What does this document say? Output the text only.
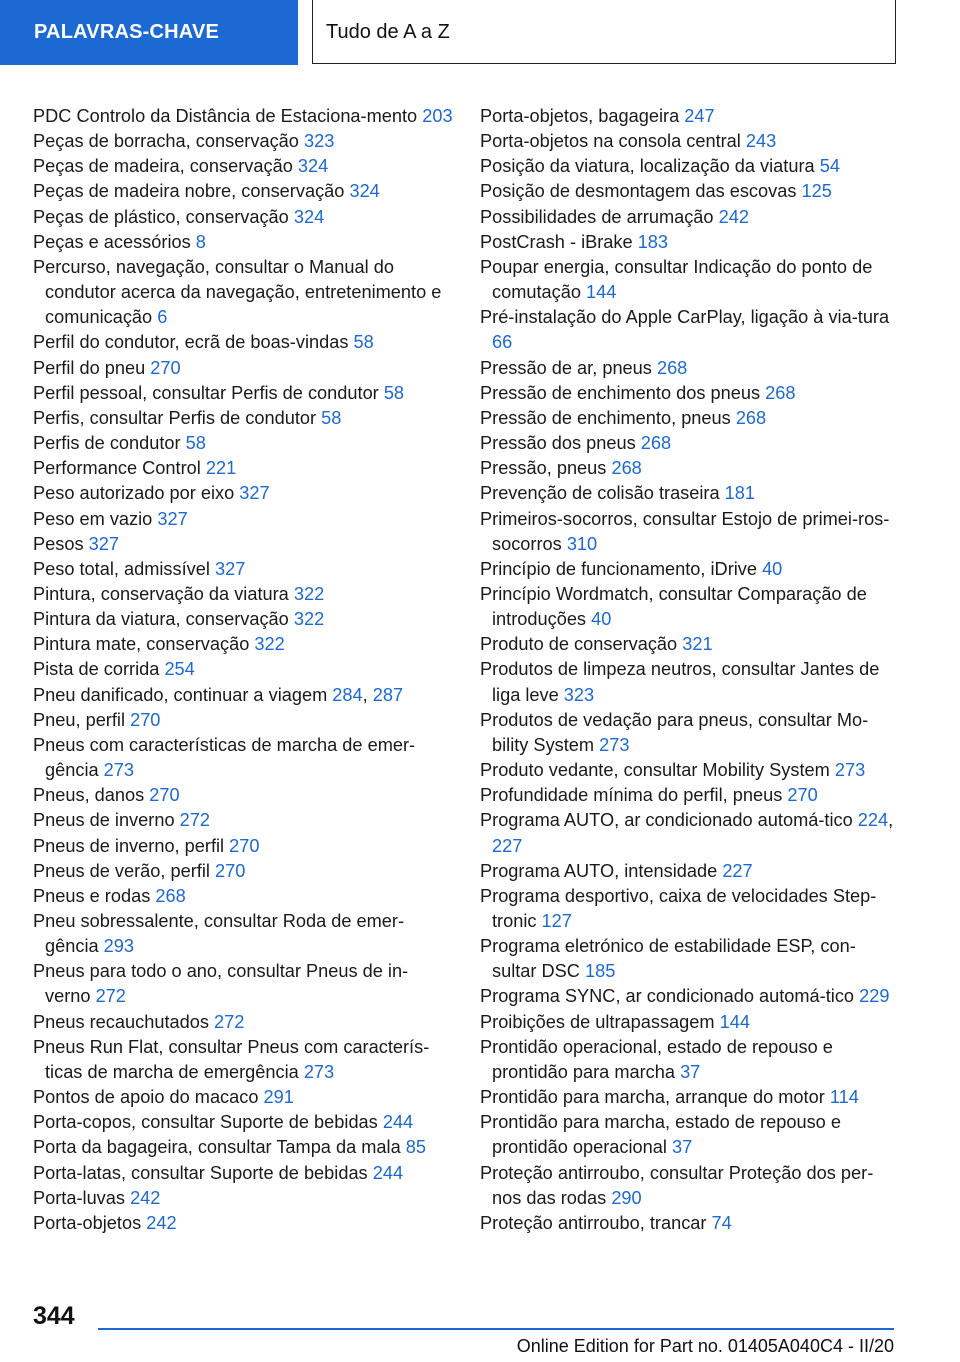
PALAVRAS-CHAVE	Tudo de A a Z
PDC Controlo da Distância de Estaciona-mento 203
Peças de borracha, conservação 323
Peças de madeira, conservação 324
Peças de madeira nobre, conservação 324
Peças de plástico, conservação 324
Peças e acessórios 8
Percurso, navegação, consultar o Manual do condutor acerca da navegação, entretenimento e comunicação 6
Perfil do condutor, ecrã de boas-vindas 58
Perfil do pneu 270
Perfil pessoal, consultar Perfis de condutor 58
Perfis, consultar Perfis de condutor 58
Perfis de condutor 58
Performance Control 221
Peso autorizado por eixo 327
Peso em vazio 327
Pesos 327
Peso total, admissível 327
Pintura, conservação da viatura 322
Pintura da viatura, conservação 322
Pintura mate, conservação 322
Pista de corrida 254
Pneu danificado, continuar a viagem 284, 287
Pneu, perfil 270
Pneus com características de marcha de emer-gência 273
Pneus, danos 270
Pneus de inverno 272
Pneus de inverno, perfil 270
Pneus de verão, perfil 270
Pneus e rodas 268
Pneu sobressalente, consultar Roda de emer-gência 293
Pneus para todo o ano, consultar Pneus de in-verno 272
Pneus recauchutados 272
Pneus Run Flat, consultar Pneus com caracterís-ticas de marcha de emergência 273
Pontos de apoio do macaco 291
Porta-copos, consultar Suporte de bebidas 244
Porta da bagageira, consultar Tampa da mala 85
Porta-latas, consultar Suporte de bebidas 244
Porta-luvas 242
Porta-objetos 242
Porta-objetos, bagageira 247
Porta-objetos na consola central 243
Posição da viatura, localização da viatura 54
Posição de desmontagem das escovas 125
Possibilidades de arrumação 242
PostCrash - iBrake 183
Poupar energia, consultar Indicação do ponto de comutação 144
Pré-instalação do Apple CarPlay, ligação à via-tura 66
Pressão de ar, pneus 268
Pressão de enchimento dos pneus 268
Pressão de enchimento, pneus 268
Pressão dos pneus 268
Pressão, pneus 268
Prevenção de colisão traseira 181
Primeiros-socorros, consultar Estojo de primei-ros-socorros 310
Princípio de funcionamento, iDrive 40
Princípio Wordmatch, consultar Comparação de introduções 40
Produto de conservação 321
Produtos de limpeza neutros, consultar Jantes de liga leve 323
Produtos de vedação para pneus, consultar Mo-bility System 273
Produto vedante, consultar Mobility System 273
Profundidade mínima do perfil, pneus 270
Programa AUTO, ar condicionado automá-tico 224, 227
Programa AUTO, intensidade 227
Programa desportivo, caixa de velocidades Step-tronic 127
Programa eletrónico de estabilidade ESP, con-sultar DSC 185
Programa SYNC, ar condicionado automá-tico 229
Proibições de ultrapassagem 144
Prontidão operacional, estado de repouso e prontidão para marcha 37
Prontidão para marcha, arranque do motor 114
Prontidão para marcha, estado de repouso e prontidão operacional 37
Proteção antirroubo, consultar Proteção dos per-nos das rodas 290
Proteção antirroubo, trancar 74
344
Online Edition for Part no. 01405A040C4 - II/20
